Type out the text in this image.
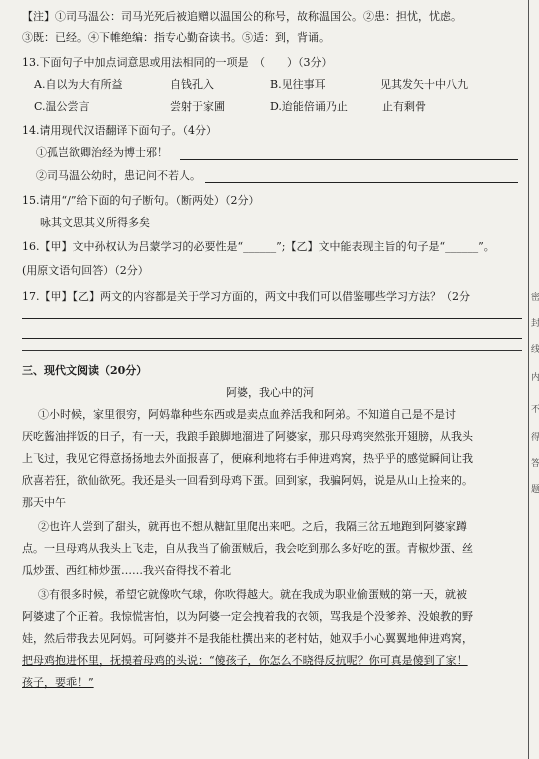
【注】①司马温公：司马光死后被追赠以温国公的称号，故称温国公。②患：担忧，忧虑。
③既：已经。④下帷绝编：指专心勤奋读书。⑤适：到，背诵。
13.下面句子中加点词意思或用法相同的一项是　（　　）（3分）
A.自以为大有所益	自钱孔入	B.见往事耳	见其发矢十中八九
C.温公尝言	尝射于家圃	D.迨能倍诵乃止	止有剩骨
14.请用现代汉语翻译下面句子。（4分）
①孤岂欲卿治经为博士邪！
②司马温公幼时，患记问不若人。
15.请用“/”给下面的句子断句。（断两处）（2分）
咏其文思其义所得多矣
16.【甲】文中孙权认为吕蒙学习的必要性是“______”;【乙】文中能表现主旨的句子是“______”。
(用原文语句回答）（2分）
17.【甲】【乙】两文的内容都是关于学习方面的，两文中我们可以借鉴哪些学习方法？（2分
三、现代文阅读（20分）
阿婆，我心中的河
①小时候，家里很穷，阿妈靠种些东西或是卖点血养活我和阿弟。不知道自己是不是讨
厌吃酱油拌饭的日子，有一天，我踉手踉脚地溜进了阿婆家，那只母鸡突然张开翅膀，从我头
上飞过，我见它得意扬扬地去外面报喜了，便麻利地将右手伸进鸡窝，热乎乎的感觉瞬间让我
欣喜若狂，欲仙欲死。我还是头一回看到母鸡下蛋。回到家，我骗阿妈，说是从山上捡来的。
那天中午
②也许人尝到了甜头，就再也不想从糖缸里爬出来吧。之后，我隔三岔五地跑到阿婆家蹲
点。一旦母鸡从我头上飞走，自从我当了偷蛋贼后，我会吃到那么多好吃的蛋。青椒炒蛋、丝
瓜炒蛋、西红柿炒蛋……我兴奋得找不着北
③有很多时候，希望它就像吹气球，你吹得越大。就在我成为职业偷蛋贼的第一天，就被
阿婆逮了个正着。我惊慌害怕，以为阿婆一定会拽着我的衣领，骂我是个没爹养、没娘教的野
娃，然后带我去见阿妈。可阿婆并不是我能杜撰出来的老村姑，她双手小心翼翼地伸进鸡窝，
把母鸡抱进怀里，抚摸着母鸡的头说：“傻孩子，你怎么不晓得反抗呢？你可真是傻到了家！
孩子，要乖！”
密
封
线
内
不
得
答
题
